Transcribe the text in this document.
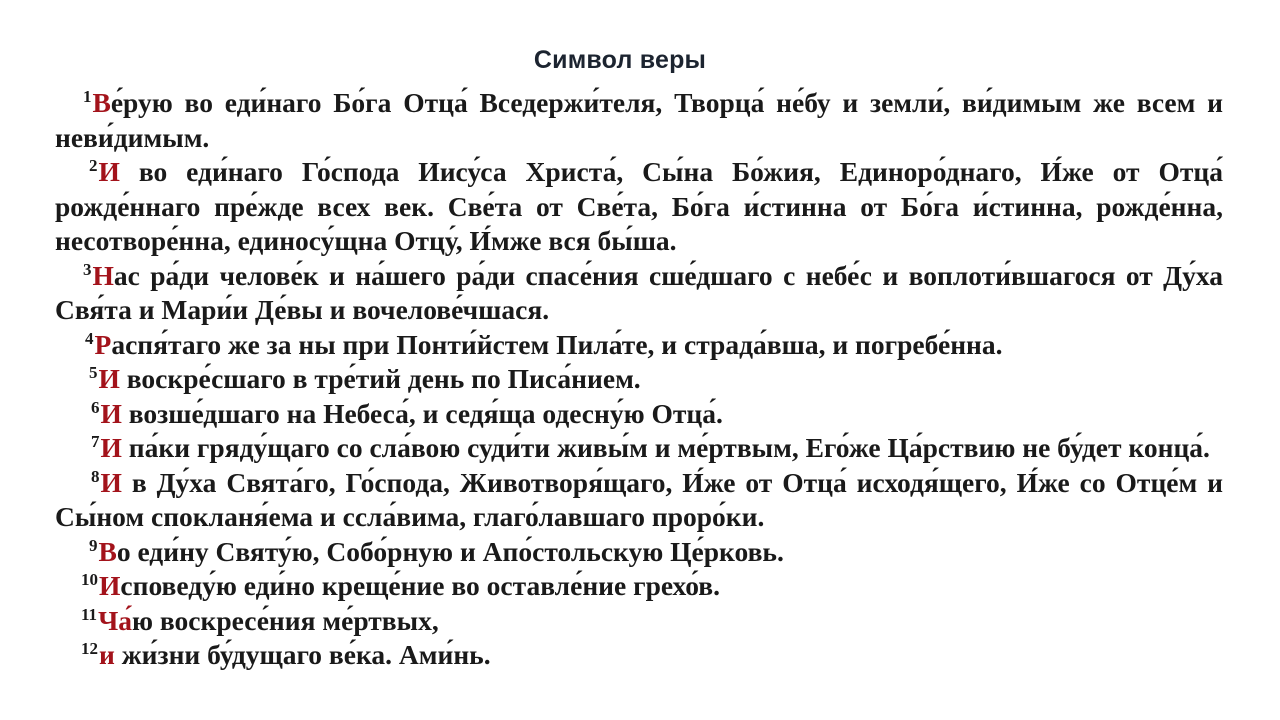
Символ веры

$^1$Ве́рую во еди́наго Бо́га Отца́ Вседержи́теля, Творца́ не́бу и земли́, ви́димым же всем и неви́димым.

$^2$И во еди́наго Го́спода Иису́са Христа́, Сы́на Бо́жия, Единоро́днаго, И́же от Отца́ рожде́ннаго пре́жде всех век. Све́та от Све́та, Бо́га и́стинна от Бо́га и́стинна, рожде́нна, несотворе́нна, единосу́щна Отцу́, И́мже вся бы́ша.

$^3$Нас ра́ди челове́к и на́шего ра́ди спасе́ния сше́дшаго с небе́с и воплоти́вшагося от Ду́ха Свя́та и Мари́и Де́вы и вочелове́чшася.

$^4$Распя́таго же за ны при Понти́йстем Пила́те, и страда́вша, и погребе́нна.

$^5$И воскре́сшаго в тре́тий день по Писа́нием.

$^6$И возше́дшаго на Небеса́, и седя́ща одесну́ю Отца́.

$^7$И па́ки гряду́щаго со сла́вою суди́ти живы́м и ме́ртвым, Его́же Ца́рствию не бу́дет конца́.

$^8$И в Ду́ха Свята́го, Го́спода, Животворя́щаго, И́же от Отца́ исходя́щего, И́же со Отце́м и Сы́ном спокланя́ема и ссла́вима, глаго́лавшаго проро́ки.

$^9$Во еди́ну Святу́ю, Собо́рную и Апо́стольскую Це́рковь.

$^{10}$Исповеду́ю еди́но креще́ние во оставле́ние грехо́в.

$^{11}$Ча́ю воскресе́ния ме́ртвых,

$^{12}$и жи́зни бу́дущаго ве́ка. Ами́нь.
